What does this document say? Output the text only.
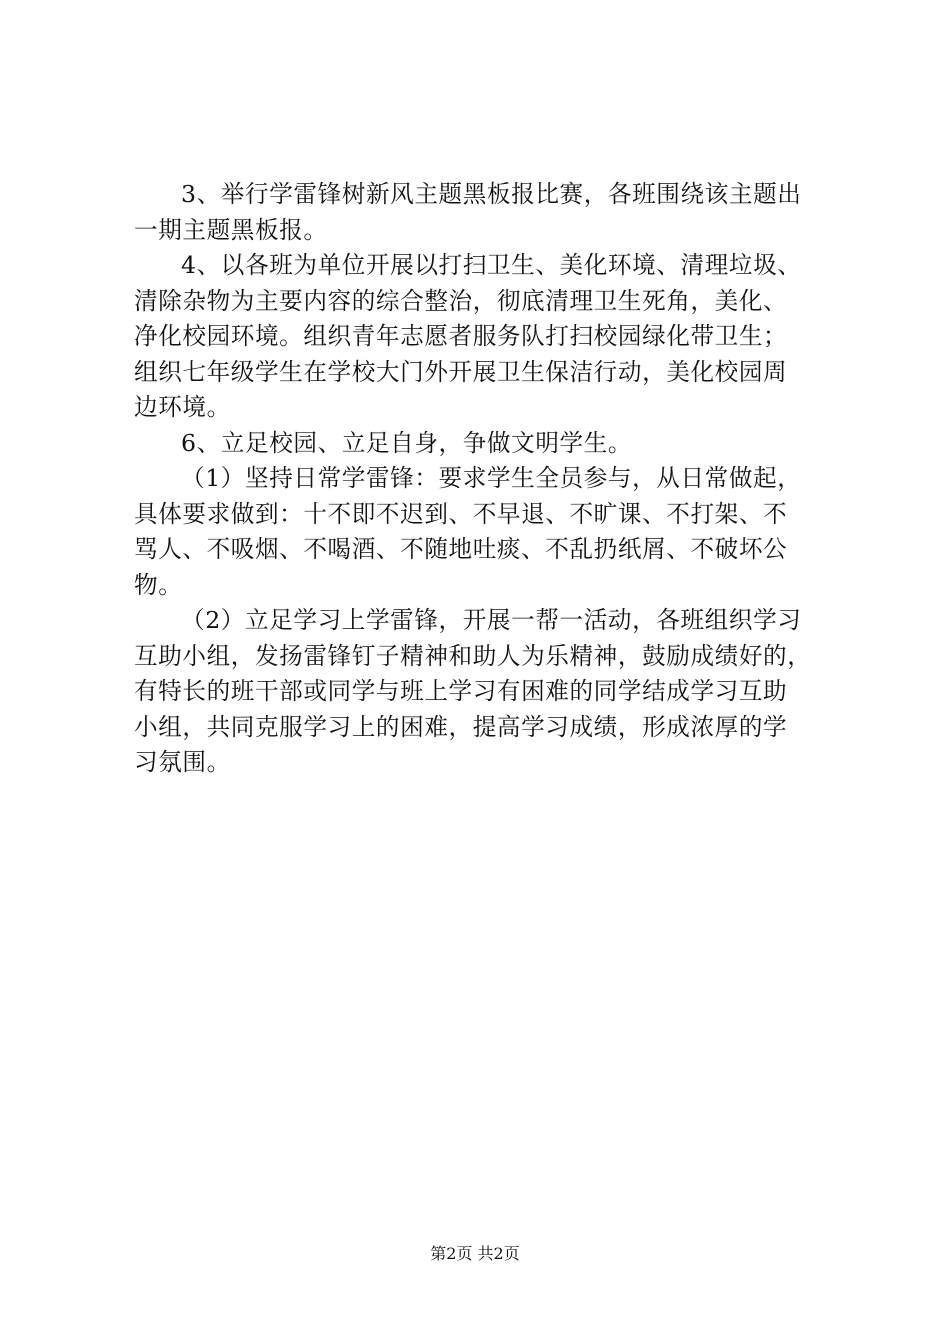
3、举行学雷锋树新风主题黑板报比赛，各班围绕该主题出
一期主题黑板报。
4、以各班为单位开展以打扫卫生、美化环境、清理垃圾、
清除杂物为主要内容的综合整治，彻底清理卫生死角，美化、
净化校园环境。组织青年志愿者服务队打扫校园绿化带卫生；
组织七年级学生在学校大门外开展卫生保洁行动，美化校园周
边环境。
6、立足校园、立足自身，争做文明学生。
（1）坚持日常学雷锋：要求学生全员参与，从日常做起，
具体要求做到：十不即不迟到、不早退、不旷课、不打架、不
骂人、不吸烟、不喝酒、不随地吐痰、不乱扔纸屑、不破坏公
物。
（2）立足学习上学雷锋，开展一帮一活动，各班组织学习
互助小组，发扬雷锋钉子精神和助人为乐精神，鼓励成绩好的，
有特长的班干部或同学与班上学习有困难的同学结成学习互助
小组，共同克服学习上的困难，提高学习成绩，形成浓厚的学
习氛围。
第2页 共2页
